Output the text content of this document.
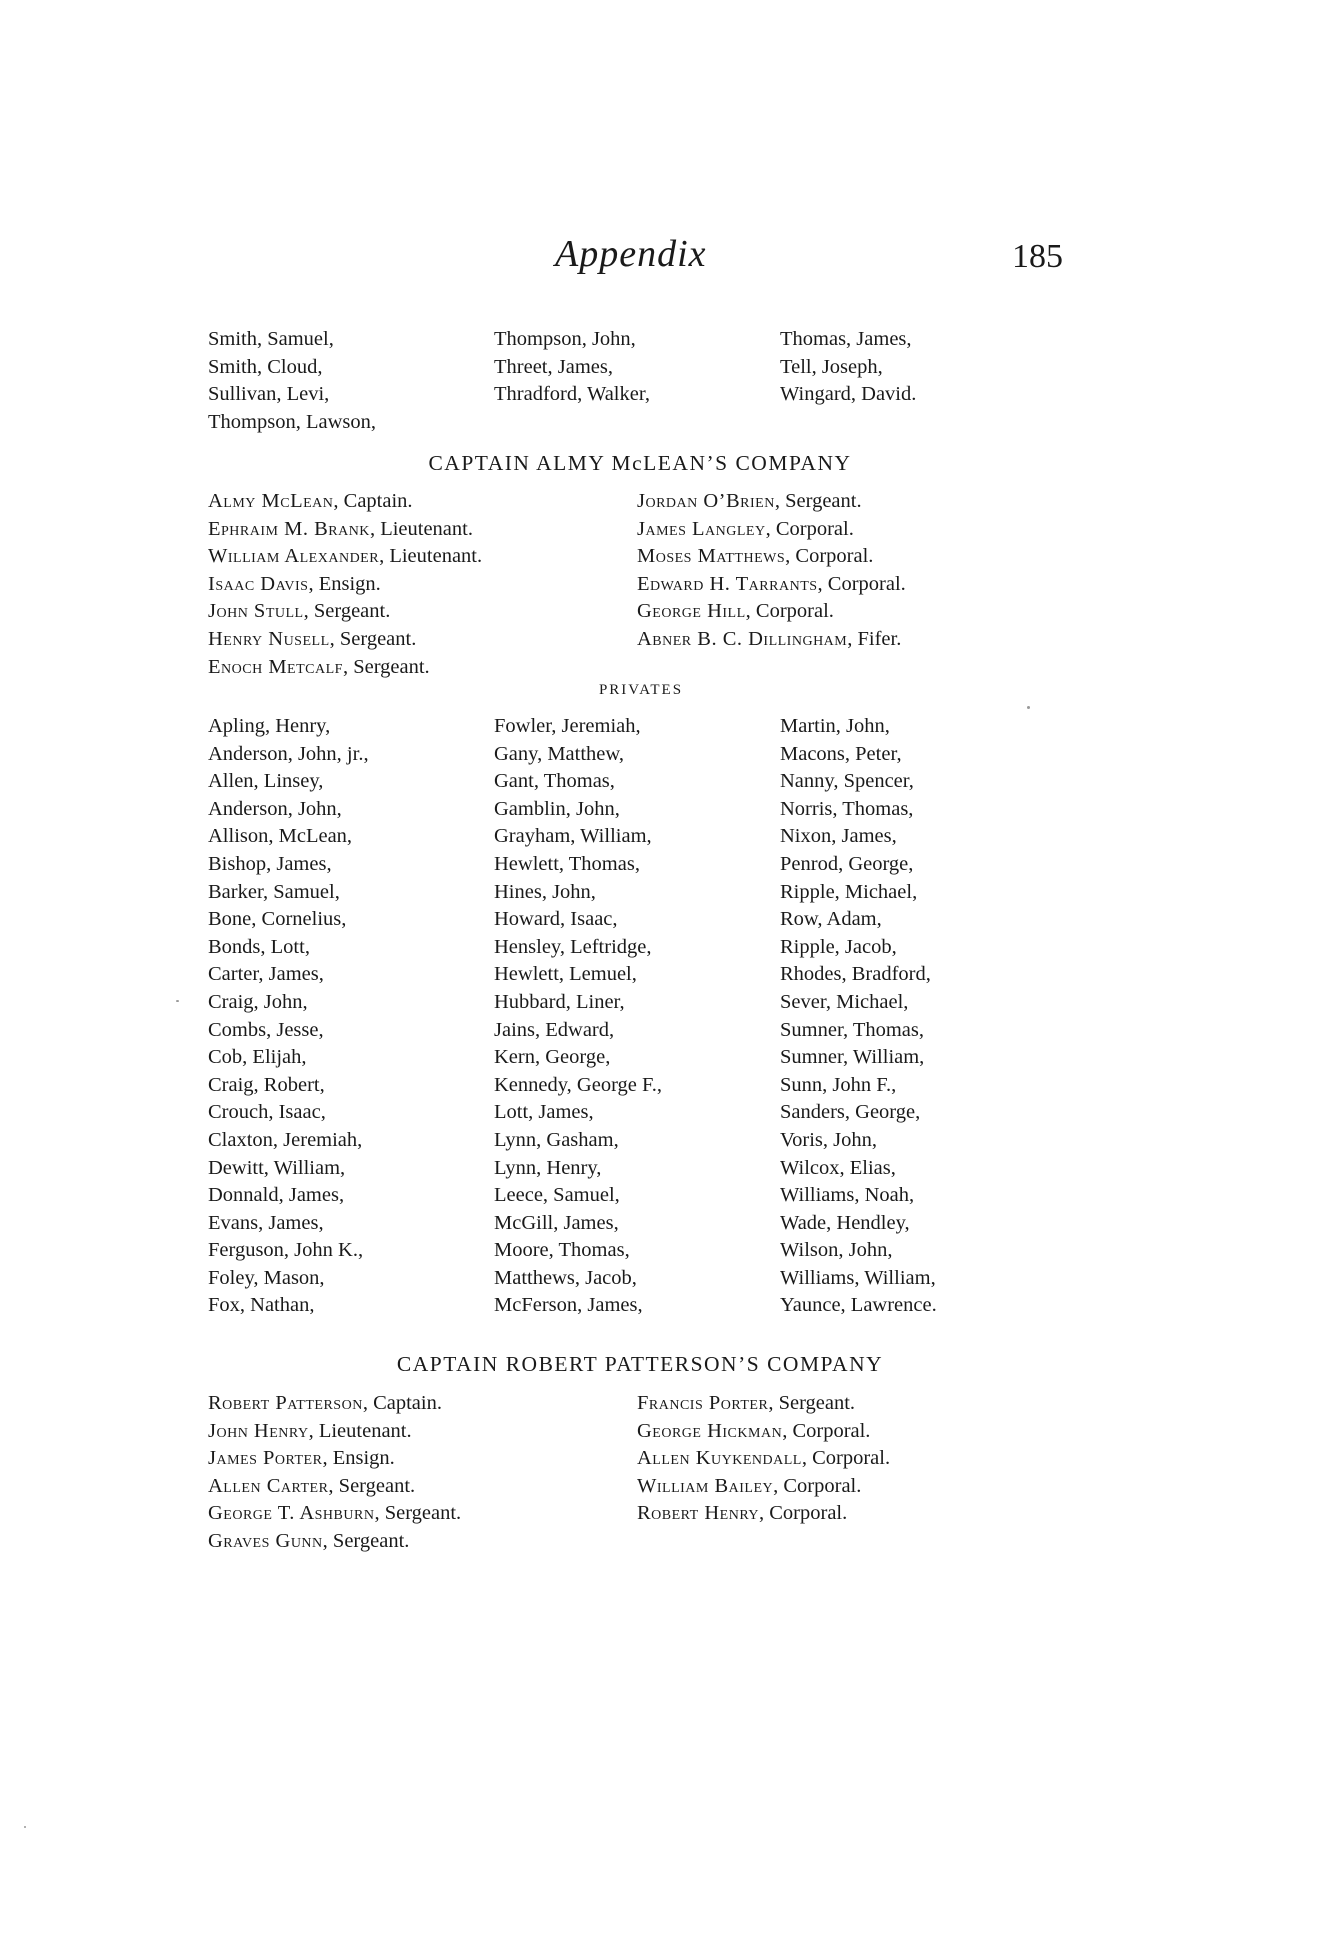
Appendix	185
Smith, Samuel,
Smith, Cloud,
Sullivan, Levi,
Thompson, Lawson,
Thompson, John,
Threet, James,
Thradford, Walker,
Thomas, James,
Tell, Joseph,
Wingard, David.
CAPTAIN ALMY McLEAN’S COMPANY
Almy McLean, Captain.
Ephraim M. Brank, Lieutenant.
William Alexander, Lieutenant.
Isaac Davis, Ensign.
John Stull, Sergeant.
Henry Nusell, Sergeant.
Enoch Metcalf, Sergeant.
Jordan O’Brien, Sergeant.
James Langley, Corporal.
Moses Matthews, Corporal.
Edward H. Tarrants, Corporal.
George Hill, Corporal.
Abner B. C. Dillingham, Fifer.
PRIVATES
Apling, Henry,
Anderson, John, jr.,
Allen, Linsey,
Anderson, John,
Allison, McLean,
Bishop, James,
Barker, Samuel,
Bone, Cornelius,
Bonds, Lott,
Carter, James,
Craig, John,
Combs, Jesse,
Cob, Elijah,
Craig, Robert,
Crouch, Isaac,
Claxton, Jeremiah,
Dewitt, William,
Donnald, James,
Evans, James,
Ferguson, John K.,
Foley, Mason,
Fox, Nathan,
Fowler, Jeremiah,
Gany, Matthew,
Gant, Thomas,
Gamblin, John,
Grayham, William,
Hewlett, Thomas,
Hines, John,
Howard, Isaac,
Hensley, Leftridge,
Hewlett, Lemuel,
Hubbard, Liner,
Jains, Edward,
Kern, George,
Kennedy, George F.,
Lott, James,
Lynn, Gasham,
Lynn, Henry,
Leece, Samuel,
McGill, James,
Moore, Thomas,
Matthews, Jacob,
McFerson, James,
Martin, John,
Macons, Peter,
Nanny, Spencer,
Norris, Thomas,
Nixon, James,
Penrod, George,
Ripple, Michael,
Row, Adam,
Ripple, Jacob,
Rhodes, Bradford,
Sever, Michael,
Sumner, Thomas,
Sumner, William,
Sunn, John F.,
Sanders, George,
Voris, John,
Wilcox, Elias,
Williams, Noah,
Wade, Hendley,
Wilson, John,
Williams, William,
Yaunce, Lawrence.
CAPTAIN ROBERT PATTERSON’S COMPANY
Robert Patterson, Captain.
John Henry, Lieutenant.
James Porter, Ensign.
Allen Carter, Sergeant.
George T. Ashburn, Sergeant.
Graves Gunn, Sergeant.
Francis Porter, Sergeant.
George Hickman, Corporal.
Allen Kuykendall, Corporal.
William Bailey, Corporal.
Robert Henry, Corporal.
